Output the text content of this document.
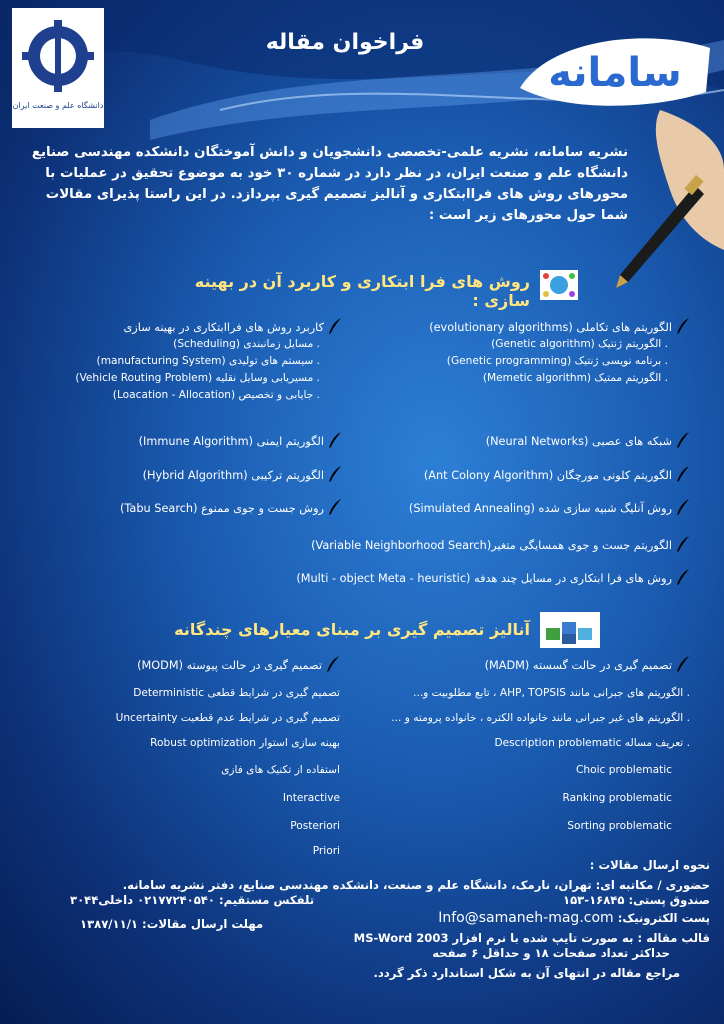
دانشگاه علم و صنعت ایران
فراخوان مقاله
سامانه
نشریه سامانه، نشریه علمی-تخصصی دانشجویان و دانش آموختگان دانشکده مهندسی صنایع دانشگاه علم و صنعت ایران، در نظر دارد در شماره ۳۰ خود به موضوع تحقیق در عملیات با محورهای روش های فراابتکاری و آنالیز تصمیم گیری بپردازد. در این راستا پذیرای مقالات شما حول محورهای زیر است :
روش های فرا ابتکاری و کاربرد آن در بهینه سازی :
الگوریتم های تکاملی (evolutionary algorithms)
. الگوریتم ژنتیک (Genetic algorithm)
. برنامه نویسی ژنتیک (Genetic programming)
. الگوریتم ممتیک (Memetic algorithm)
شبکه های عصبی (Neural Networks)
الگوریتم کلونی مورچگان (Ant Colony Algorithm)
روش آنلیگ شبیه سازی شده (Simulated Annealing)
الگوریتم جست و جوی همسایگی متغیر(Variable Neighborhood Search)
روش های فرا ابتکاری در مسایل چند هدفه (Multi - object Meta - heuristic)
کاربرد روش های فراابتکاری در بهینه سازی
. مسایل زمانبندی (Scheduling)
. سیستم های تولیدی (manufacturing System)
. مسیریابی وسایل نقلیه (Vehicle Routing Problem)
. جایابی و تخصیص (Loacation - Allocation)
الگوریتم ایمنی (Immune Algorithm)
الگوریتم ترکیبی (Hybrid Algorithm)
روش جست و جوی ممنوع (Tabu Search)
آنالیز تصمیم گیری بر مبنای معیارهای چندگانه
تصمیم گیری در حالت گسسته (MADM)
. الگوریتم های جبرانی مانند AHP, TOPSIS ، تابع مطلوبیت و...
. الگوریتم های غیر جبرانی مانند خانواده الکتره ، خانواده پرومته و ...
. تعریف مساله Description problematic
Choic problematic
Ranking problematic
Sorting problematic
تصمیم گیری در حالت پیوسته (MODM)
تصمیم گیری در شرایط قطعی Deterministic
تصمیم گیری در شرایط عدم قطعیت Uncertainty
بهینه سازی استوار Robust optimization
استفاده از تکنیک های فازی
Interactive
Posteriori
Priori
نحوه ارسال مقالات :
حضوری / مکاتبه ای: تهران، نارمک، دانشگاه علم و صنعت، دانشکده مهندسی صنایع، دفتر نشریه سامانه.
صندوق پستی: ۱۶۸۴۵-۱۵۳
تلفکس مستقیم: ۰۲۱۷۷۲۴۰۵۴۰ داخلی۳۰۴۴
پست الکترونیک: Info@samaneh-mag.com
مهلت ارسال مقالات: ۱۳۸۷/۱۱/۱
قالب مقاله : به صورت تایپ شده با نرم افزار MS-Word 2003
حداکثر تعداد صفحات ۱۸ و حداقل ۶ صفحه
مراجع مقاله در انتهای آن به شکل استاندارد ذکر گردد.
